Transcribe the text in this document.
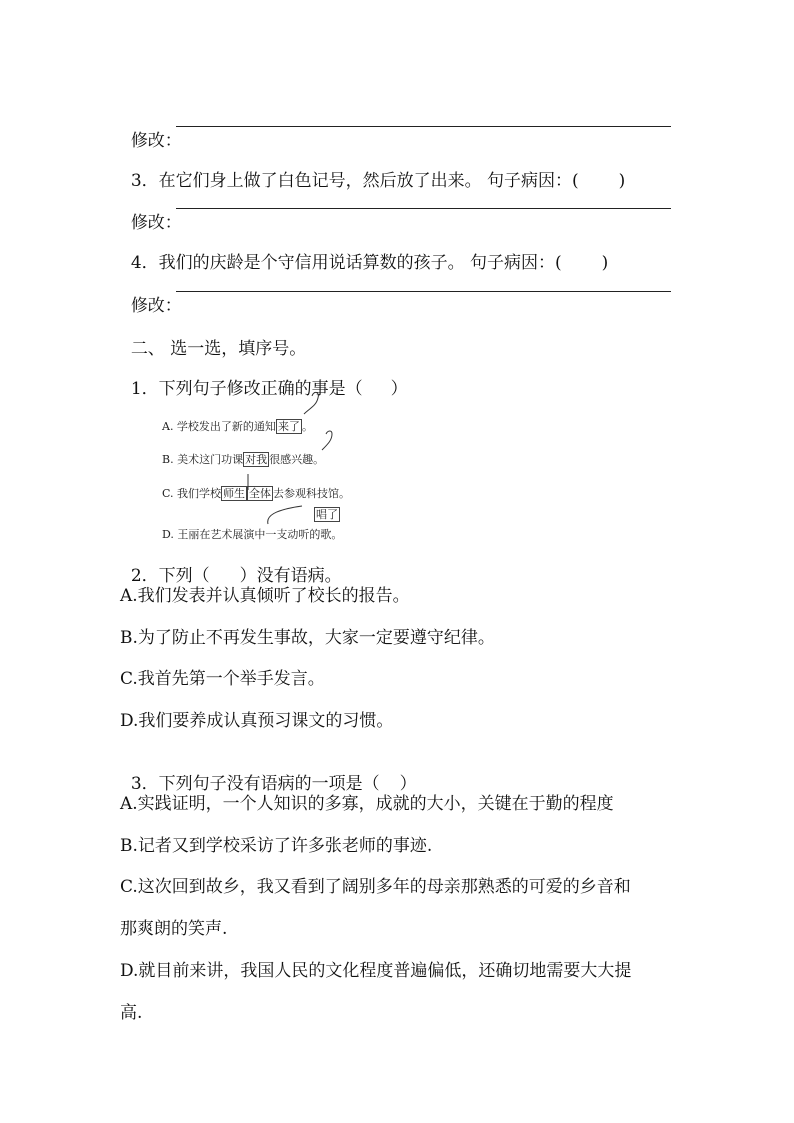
修改：

3．在它们身上做了白色记号，然后放了出来。 句子病因：( )

修改：

4．我们的庆龄是个守信用说话算数的孩子。 句子病因：( )

修改：

二、 选一选，填序号。

1．下列句子修改正确的事是（ ）

A. 学校发出了新的通知 来了 。

B. 美术这门功课 对我 很感兴趣。

C. 我们学校 师生 全体 去参观科技馆。

唱了

D. 王丽在艺术展演中一支动听的歌。

2．下列（ ）没有语病。

A.我们发表并认真倾听了校长的报告。
B.为了防止不再发生事故，大家一定要遵守纪律。
C.我首先第一个举手发言。
D.我们要养成认真预习课文的习惯。

3．下列句子没有语病的一项是（ ）

A.实践证明，一个人知识的多寡，成就的大小，关键在于勤的程度
B.记者又到学校采访了许多张老师的事迹.
C.这次回到故乡，我又看到了阔别多年的母亲那熟悉的可爱的乡音和
那爽朗的笑声.
D.就目前来讲，我国人民的文化程度普遍偏低，还确切地需要大大提
高.
